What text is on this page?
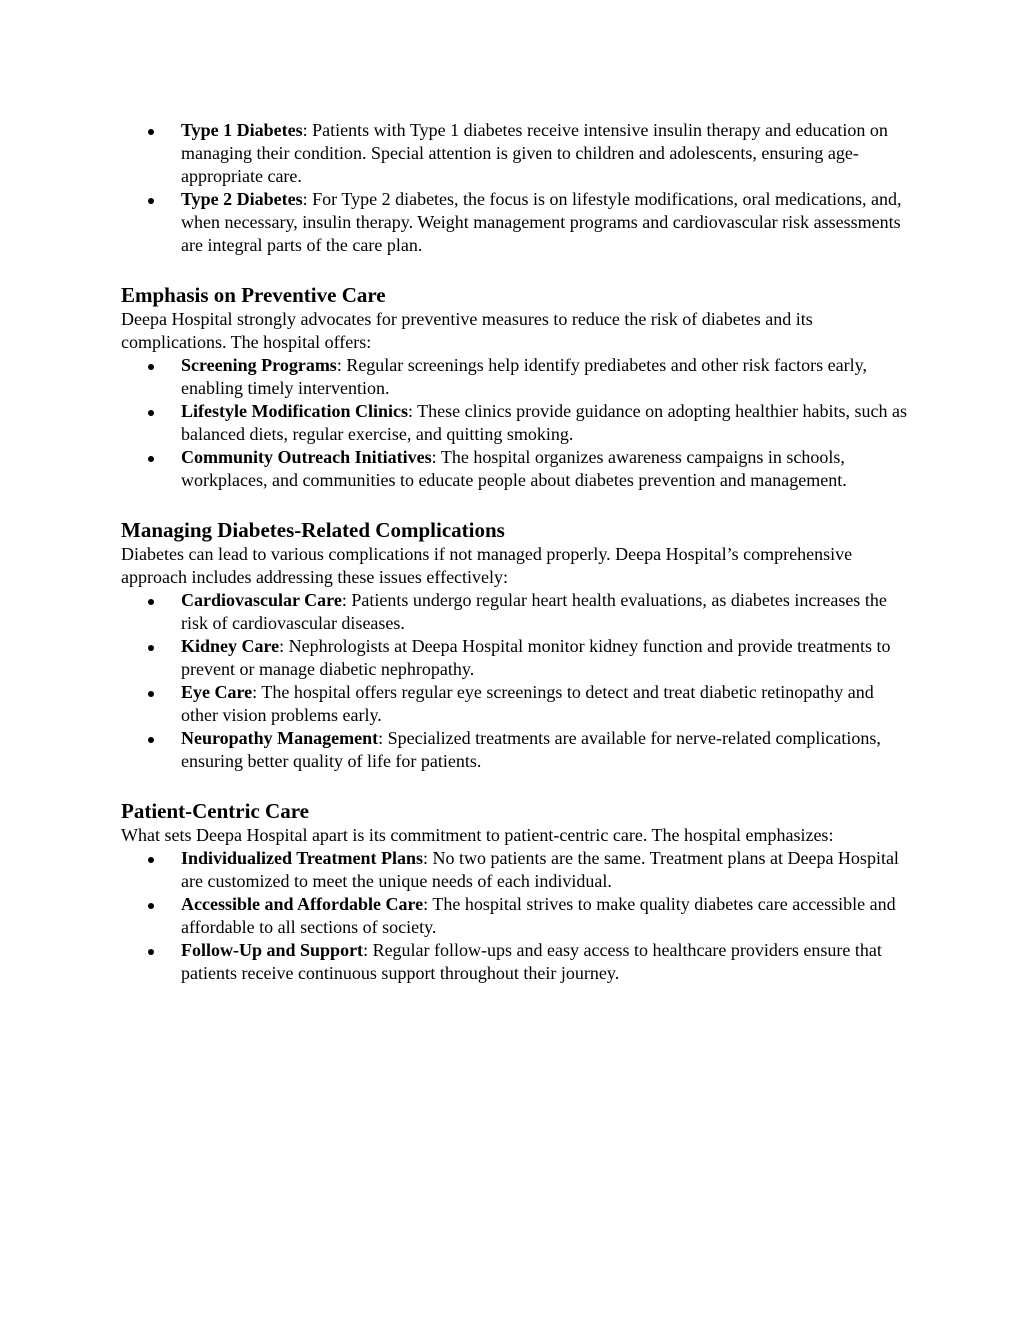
Type 1 Diabetes: Patients with Type 1 diabetes receive intensive insulin therapy and education on managing their condition. Special attention is given to children and adolescents, ensuring age-appropriate care.
Type 2 Diabetes: For Type 2 diabetes, the focus is on lifestyle modifications, oral medications, and, when necessary, insulin therapy. Weight management programs and cardiovascular risk assessments are integral parts of the care plan.
Emphasis on Preventive Care

Deepa Hospital strongly advocates for preventive measures to reduce the risk of diabetes and its complications. The hospital offers:

Screening Programs: Regular screenings help identify prediabetes and other risk factors early, enabling timely intervention.
Lifestyle Modification Clinics: These clinics provide guidance on adopting healthier habits, such as balanced diets, regular exercise, and quitting smoking.
Community Outreach Initiatives: The hospital organizes awareness campaigns in schools, workplaces, and communities to educate people about diabetes prevention and management.
Managing Diabetes-Related Complications

Diabetes can lead to various complications if not managed properly. Deepa Hospital’s comprehensive approach includes addressing these issues effectively:

Cardiovascular Care: Patients undergo regular heart health evaluations, as diabetes increases the risk of cardiovascular diseases.
Kidney Care: Nephrologists at Deepa Hospital monitor kidney function and provide treatments to prevent or manage diabetic nephropathy.
Eye Care: The hospital offers regular eye screenings to detect and treat diabetic retinopathy and other vision problems early.
Neuropathy Management: Specialized treatments are available for nerve-related complications, ensuring better quality of life for patients.
Patient-Centric Care

What sets Deepa Hospital apart is its commitment to patient-centric care. The hospital emphasizes:

Individualized Treatment Plans: No two patients are the same. Treatment plans at Deepa Hospital are customized to meet the unique needs of each individual.
Accessible and Affordable Care: The hospital strives to make quality diabetes care accessible and affordable to all sections of society.
Follow-Up and Support: Regular follow-ups and easy access to healthcare providers ensure that patients receive continuous support throughout their journey.
